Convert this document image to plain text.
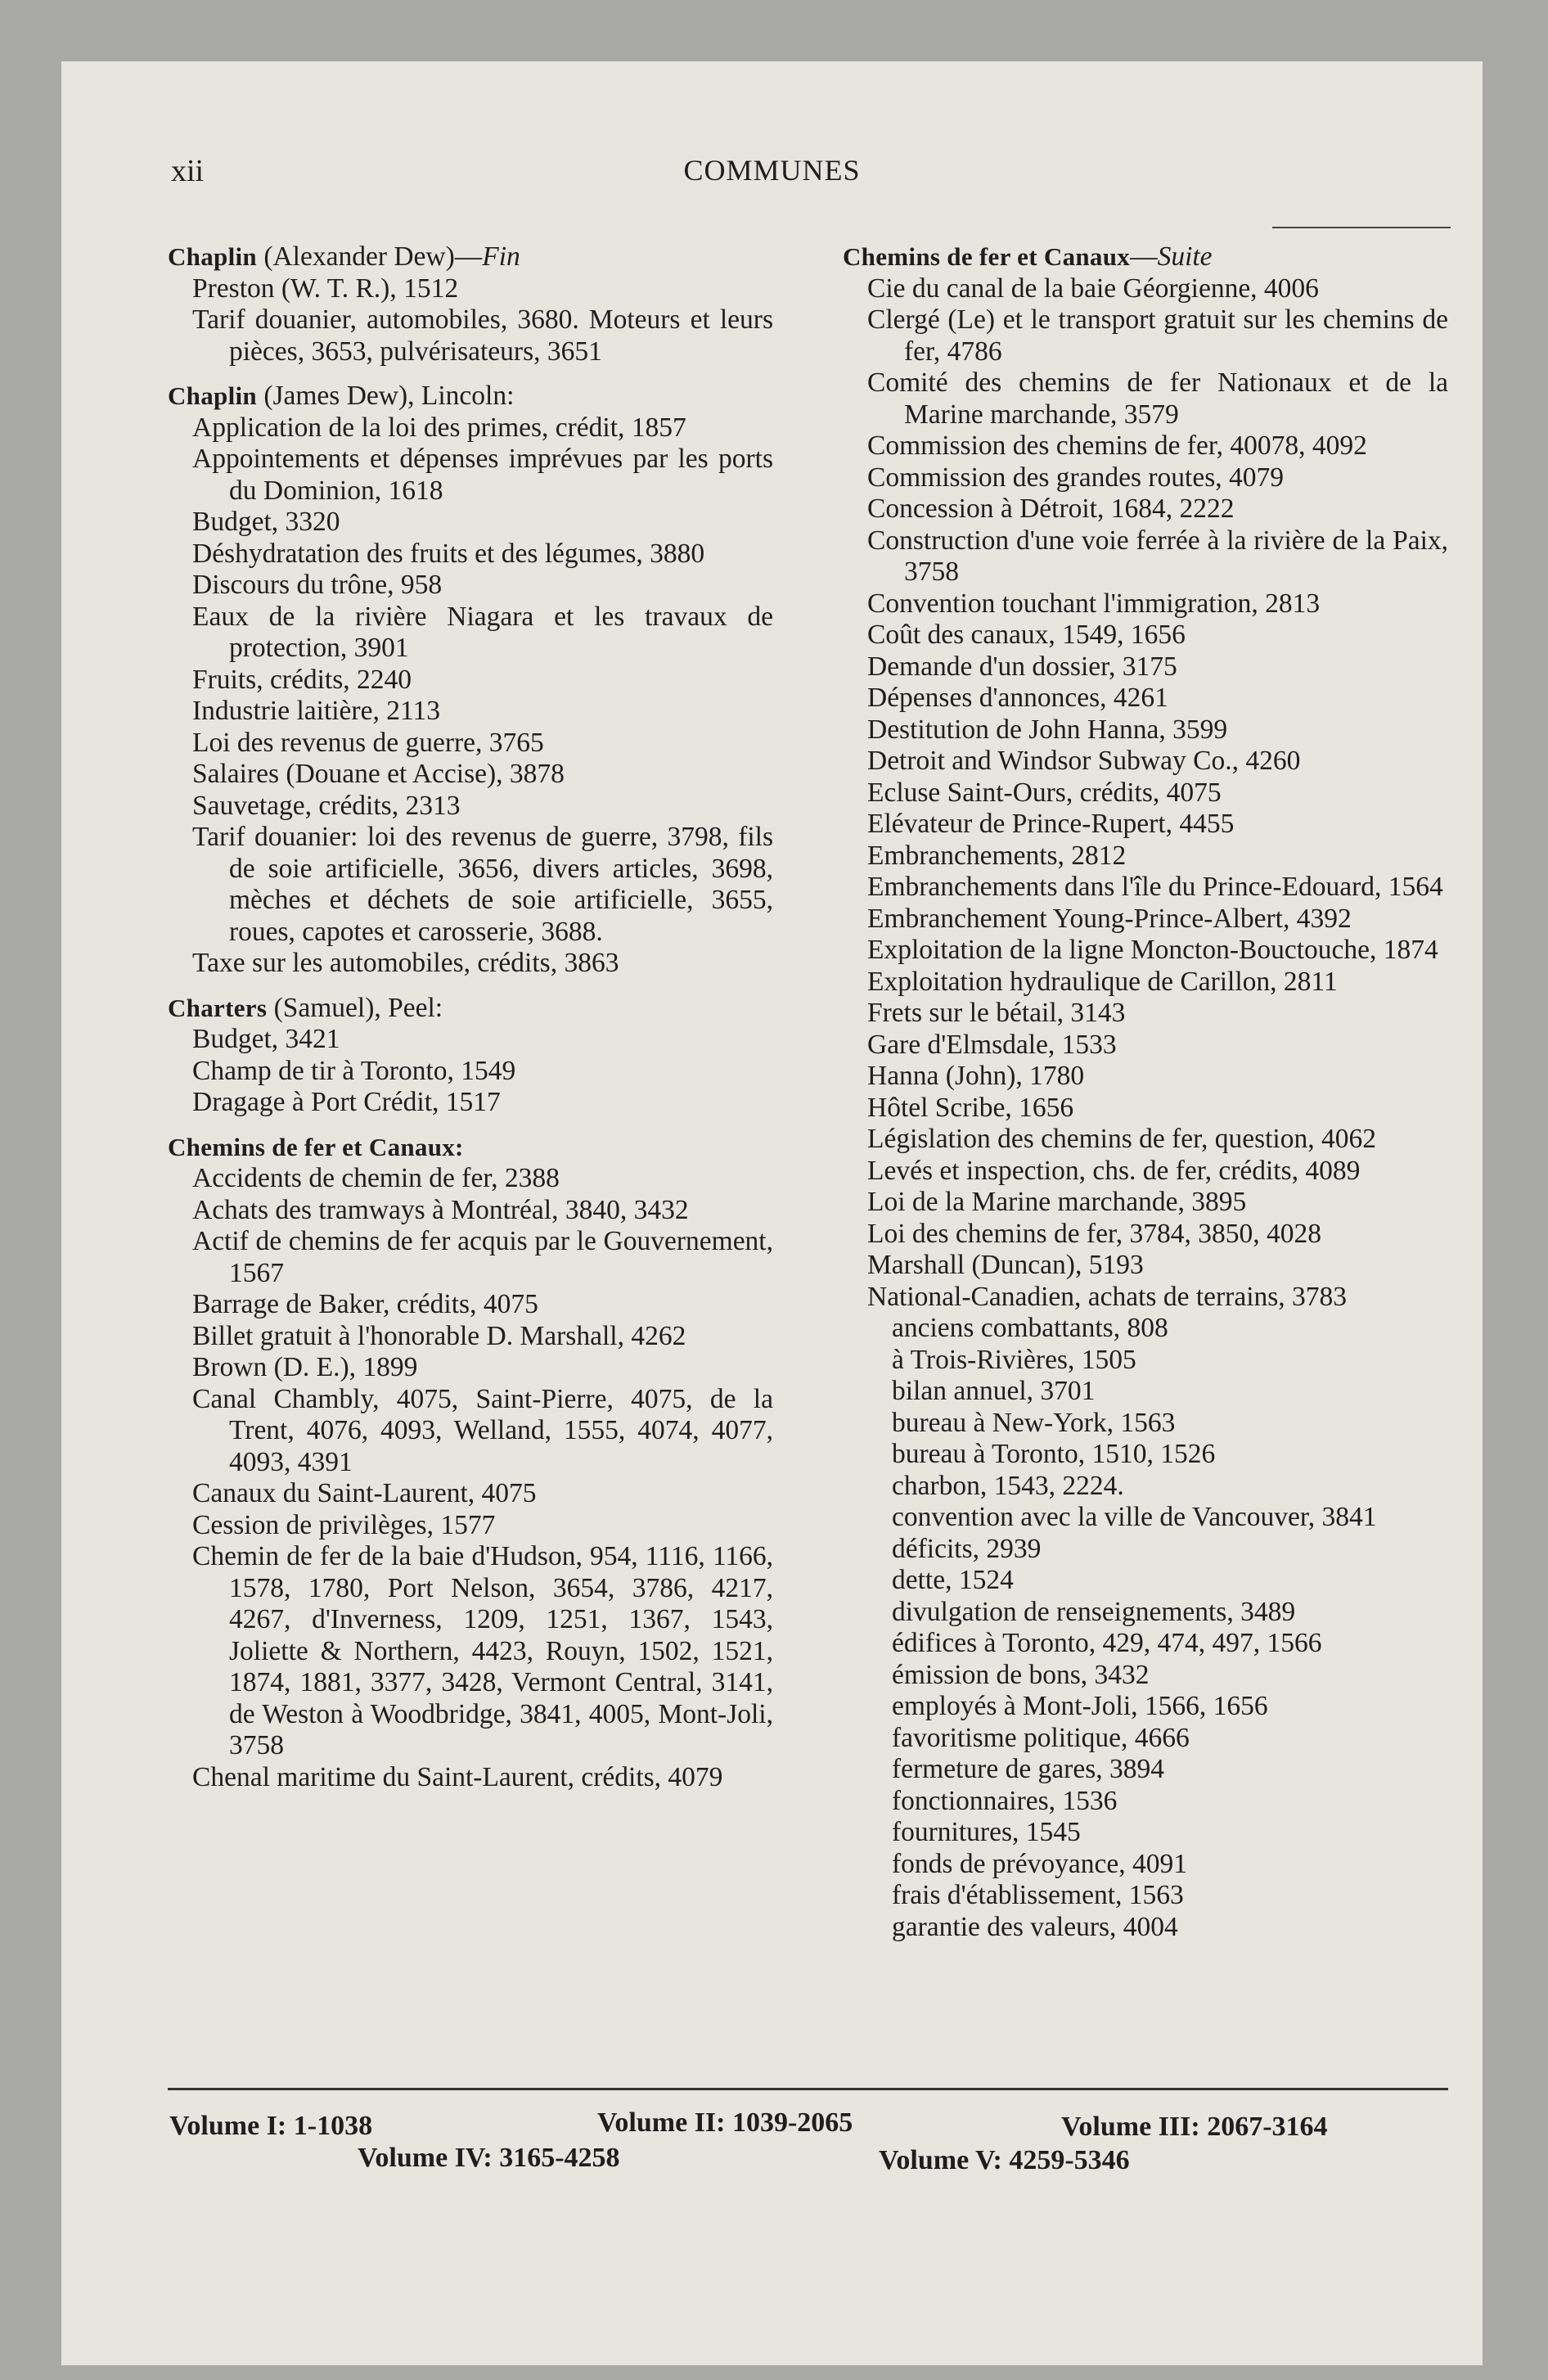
xii	COMMUNES
Chaplin (Alexander Dew)—Fin
Preston (W. T. R.), 1512
Tarif douanier, automobiles, 3680. Moteurs et leurs pièces, 3653, pulvérisateurs, 3651
Chaplin (James Dew), Lincoln:
Application de la loi des primes, crédit, 1857
Appointements et dépenses imprévues par les ports du Dominion, 1618
Budget, 3320
Déshydratation des fruits et des légumes, 3880
Discours du trône, 958
Eaux de la rivière Niagara et les travaux de protection, 3901
Fruits, crédits, 2240
Industrie laitière, 2113
Loi des revenus de guerre, 3765
Salaires (Douane et Accise), 3878
Sauvetage, crédits, 2313
Tarif douanier: loi des revenus de guerre, 3798, fils de soie artificielle, 3656, divers articles, 3698, mèches et déchets de soie artificielle, 3655, roues, capotes et carosserie, 3688.
Taxe sur les automobiles, crédits, 3863
Charters (Samuel), Peel:
Budget, 3421
Champ de tir à Toronto, 1549
Dragage à Port Crédit, 1517
Chemins de fer et Canaux:
Accidents de chemin de fer, 2388
Achats des tramways à Montréal, 3840, 3432
Actif de chemins de fer acquis par le Gouvernement, 1567
Barrage de Baker, crédits, 4075
Billet gratuit à l'honorable D. Marshall, 4262
Brown (D. E.), 1899
Canal Chambly, 4075, Saint-Pierre, 4075, de la Trent, 4076, 4093, Welland, 1555, 4074, 4077, 4093, 4391
Canaux du Saint-Laurent, 4075
Cession de privilèges, 1577
Chemin de fer de la baie d'Hudson, 954, 1116, 1166, 1578, 1780, Port Nelson, 3654, 3786, 4217, 4267, d'Inverness, 1209, 1251, 1367, 1543, Joliette & Northern, 4423, Rouyn, 1502, 1521, 1874, 1881, 3377, 3428, Vermont Central, 3141, de Weston à Woodbridge, 3841, 4005, Mont-Joli, 3758
Chenal maritime du Saint-Laurent, crédits, 4079
Chemins de fer et Canaux—Suite
Cie du canal de la baie Géorgienne, 4006
Clergé (Le) et le transport gratuit sur les chemins de fer, 4786
Comité des chemins de fer Nationaux et de la Marine marchande, 3579
Commission des chemins de fer, 40078, 4092
Commission des grandes routes, 4079
Concession à Détroit, 1684, 2222
Construction d'une voie ferrée à la rivière de la Paix, 3758
Convention touchant l'immigration, 2813
Coût des canaux, 1549, 1656
Demande d'un dossier, 3175
Dépenses d'annonces, 4261
Destitution de John Hanna, 3599
Detroit and Windsor Subway Co., 4260
Ecluse Saint-Ours, crédits, 4075
Elévateur de Prince-Rupert, 4455
Embranchements, 2812
Embranchements dans l'île du Prince-Edouard, 1564
Embranchement Young-Prince-Albert, 4392
Exploitation de la ligne Moncton-Bouctouche, 1874
Exploitation hydraulique de Carillon, 2811
Frets sur le bétail, 3143
Gare d'Elmsdale, 1533
Hanna (John), 1780
Hôtel Scribe, 1656
Législation des chemins de fer, question, 4062
Levés et inspection, chs. de fer, crédits, 4089
Loi de la Marine marchande, 3895
Loi des chemins de fer, 3784, 3850, 4028
Marshall (Duncan), 5193
National-Canadien, achats de terrains, 3783
anciens combattants, 808
à Trois-Rivières, 1505
bilan annuel, 3701
bureau à New-York, 1563
bureau à Toronto, 1510, 1526
charbon, 1543, 2224.
convention avec la ville de Vancouver, 3841
déficits, 2939
dette, 1524
divulgation de renseignements, 3489
édifices à Toronto, 429, 474, 497, 1566
émission de bons, 3432
employés à Mont-Joli, 1566, 1656
favoritisme politique, 4666
fermeture de gares, 3894
fonctionnaires, 1536
fournitures, 1545
fonds de prévoyance, 4091
frais d'établissement, 1563
garantie des valeurs, 4004
Volume I: 1-1038	Volume II: 1039-2065	Volume III: 2067-3164
Volume IV: 3165-4258	Volume V: 4259-5346
